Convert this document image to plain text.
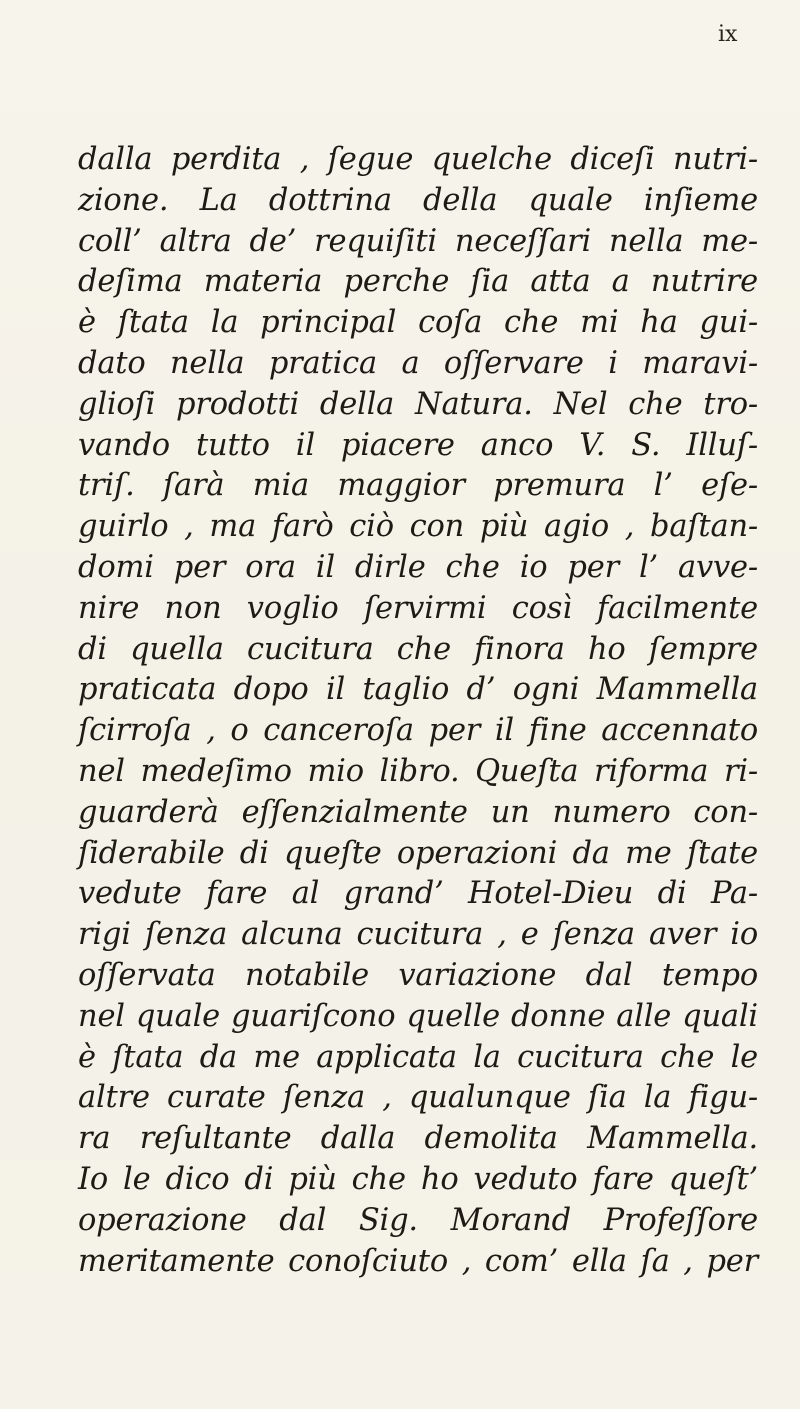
ix
dalla perdita , ſegue quelche diceſi nutri-
zione. La dottrina della quale inſieme
coll’ altra de’ requiſiti neceſſari nella me-
deſima materia perche ſia atta a nutrire
è ſtata la principal coſa che mi ha gui-
dato nella pratica a oſſervare i maravi-
glioſi prodotti della Natura. Nel che tro-
vando tutto il piacere anco V. S. Illuſ-
triſ. ſarà mia maggior premura l’ eſe-
guirlo , ma farò ciò con più agio , baſtan-
domi per ora il dirle che io per l’ avve-
nire non voglio ſervirmi così facilmente
di quella cucitura che finora ho ſempre
praticata dopo il taglio d’ ogni Mammella
ſcirroſa , o canceroſa per il fine accennato
nel medeſimo mio libro. Queſta riforma ri-
guarderà eſſenzialmente un numero con-
ſiderabile di queſte operazioni da me ſtate
vedute fare al grand’ Hotel-Dieu di Pa-
rigi ſenza alcuna cucitura , e ſenza aver io
oſſervata notabile variazione dal tempo
nel quale guariſcono quelle donne alle quali
è ſtata da me applicata la cucitura che le
altre curate ſenza , qualunque ſia la figu-
ra reſultante dalla demolita Mammella.
Io le dico di più che ho veduto fare queſt’
operazione dal Sig. Morand Profeſſore
meritamente conoſciuto , com’ ella ſa , per
